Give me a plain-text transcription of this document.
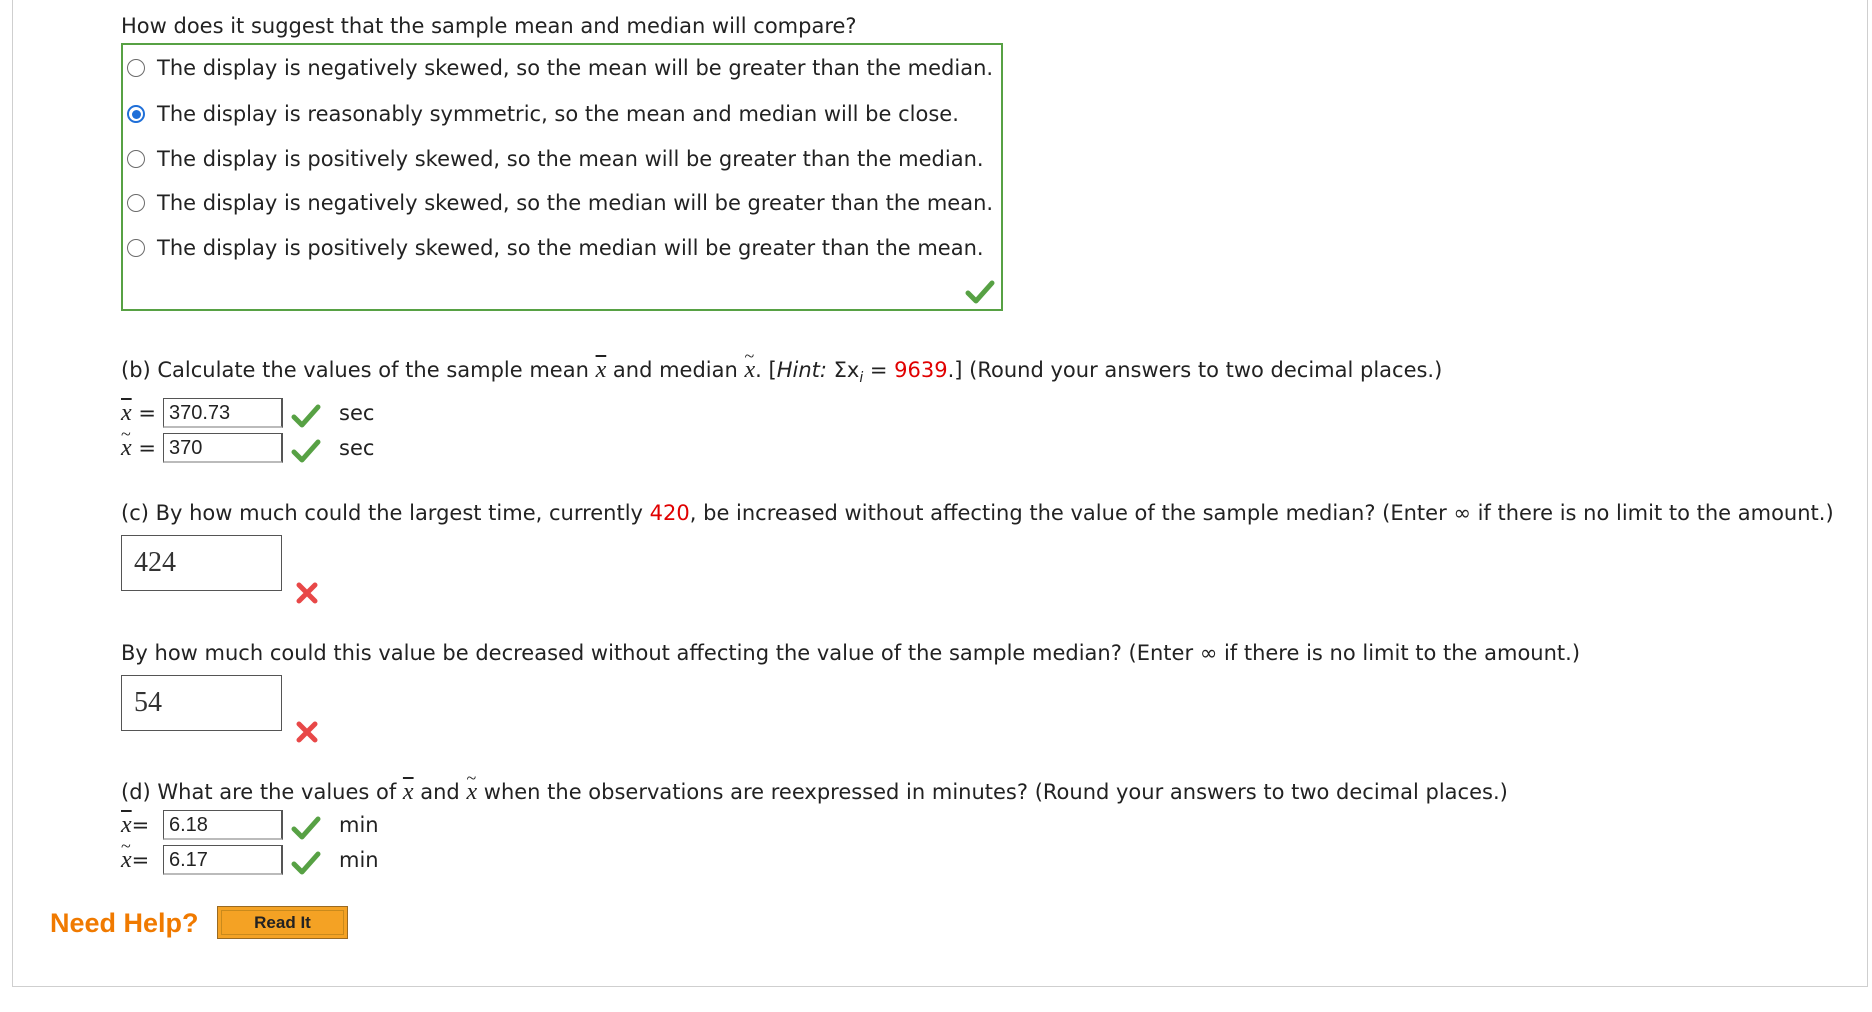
How does it suggest that the sample mean and median will compare?
The display is negatively skewed, so the mean will be greater than the median.
The display is reasonably symmetric, so the mean and median will be close.
The display is positively skewed, so the mean will be greater than the median.
The display is negatively skewed, so the median will be greater than the mean.
The display is positively skewed, so the median will be greater than the mean.
(b) Calculate the values of the sample mean $\overline{x}$ and median ~ x. [Hint: $\Sigma x_i = 9639$.] (Round your answers to two decimal places.)
$\overline{x} = 370.73$	sec
~ x = 370	sec
(c) By how much could the largest time, currently 420, be increased without affecting the value of the sample median? (Enter ∞ if there is no limit to the amount.)
424
By how much could this value be decreased without affecting the value of the sample median? (Enter ∞ if there is no limit to the amount.)
54
(d) What are the values of $\overline{x}$ and ~ x when the observations are reexpressed in minutes? (Round your answers to two decimal places.)
$\overline{x}= 6.18$	min
~ x= 6.17	min
Need Help?	Read It
